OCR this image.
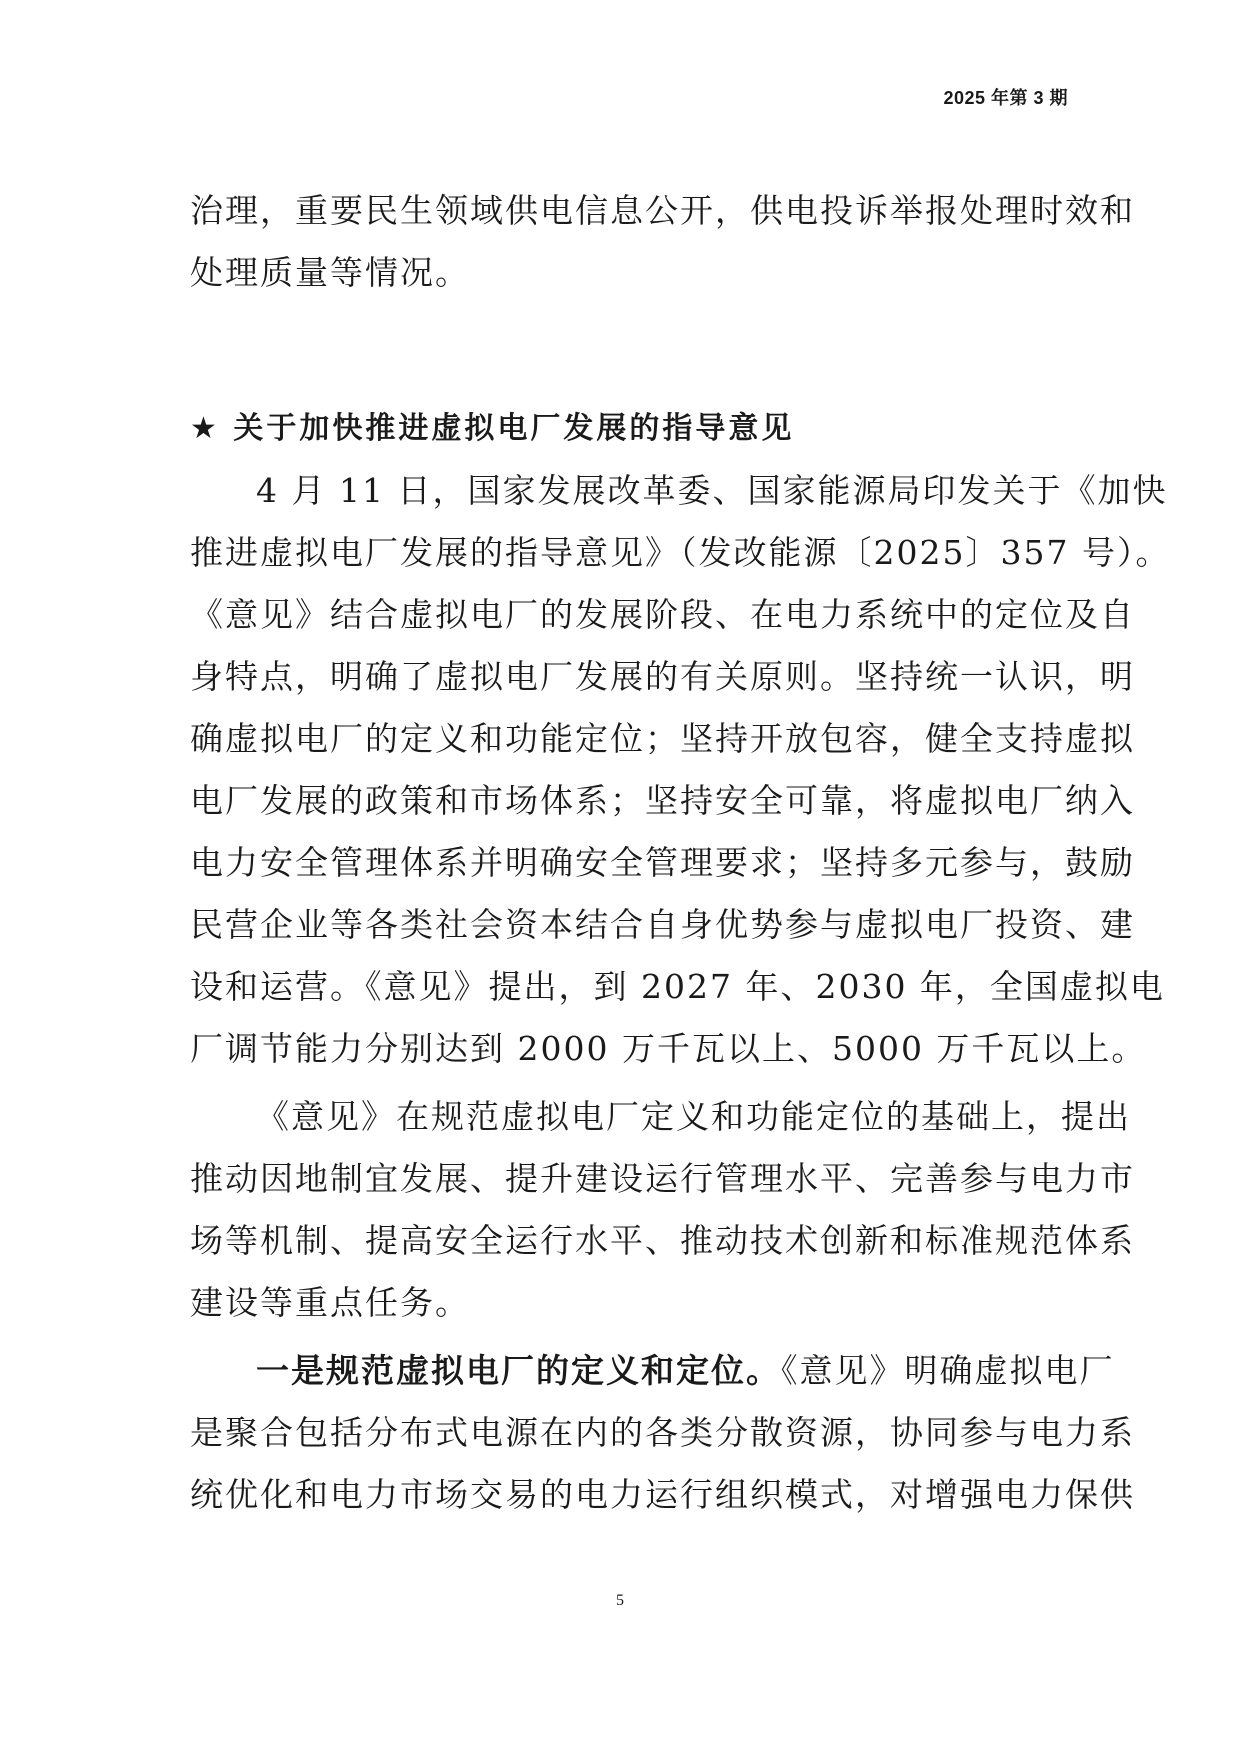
2025 年第 3 期
治理，重要民生领域供电信息公开，供电投诉举报处理时效和
处理质量等情况。
★ 关于加快推进虚拟电厂发展的指导意见
4 月 11 日，国家发展改革委、国家能源局印发关于《加快
推进虚拟电厂发展的指导意见》（发改能源〔2025〕357 号）。
《意见》结合虚拟电厂的发展阶段、在电力系统中的定位及自
身特点，明确了虚拟电厂发展的有关原则。坚持统一认识，明
确虚拟电厂的定义和功能定位；坚持开放包容，健全支持虚拟
电厂发展的政策和市场体系；坚持安全可靠，将虚拟电厂纳入
电力安全管理体系并明确安全管理要求；坚持多元参与，鼓励
民营企业等各类社会资本结合自身优势参与虚拟电厂投资、建
设和运营。《意见》提出，到 2027 年、2030 年，全国虚拟电
厂调节能力分别达到 2000 万千瓦以上、5000 万千瓦以上。
《意见》在规范虚拟电厂定义和功能定位的基础上，提出
推动因地制宜发展、提升建设运行管理水平、完善参与电力市
场等机制、提高安全运行水平、推动技术创新和标准规范体系
建设等重点任务。
一是规范虚拟电厂的定义和定位。《意见》明确虚拟电厂
是聚合包括分布式电源在内的各类分散资源，协同参与电力系
统优化和电力市场交易的电力运行组织模式，对增强电力保供
5
